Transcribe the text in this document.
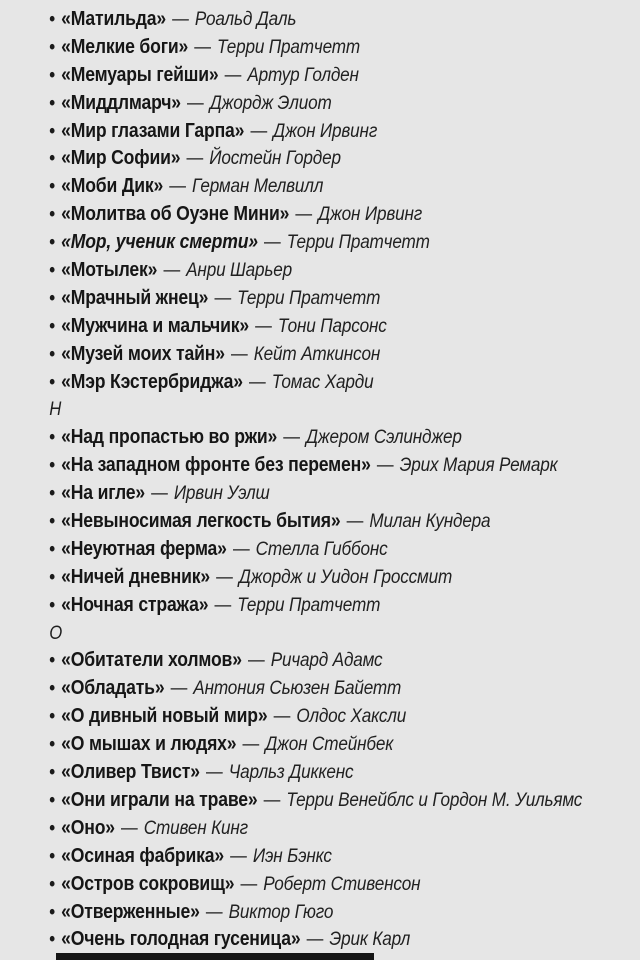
• «Матильда» — Роальд Даль
• «Мелкие боги» — Терри Пратчетт
• «Мемуары гейши» — Артур Голден
• «Миддлмарч» — Джордж Элиот
• «Мир глазами Гарпа» — Джон Ирвинг
• «Мир Софии» — Йостейн Гордер
• «Моби Дик» — Герман Мелвилл
• «Молитва об Оуэне Мини» — Джон Ирвинг
• «Мор, ученик смерти» — Терри Пратчетт
• «Мотылек» — Анри Шарьер
• «Мрачный жнец» — Терри Пратчетт
• «Мужчина и мальчик» — Тони Парсонс
• «Музей моих тайн» — Кейт Аткинсон
• «Мэр Кэстербриджа» — Томас Харди
Н
• «Над пропастью во ржи» — Джером Сэлинджер
• «На западном фронте без перемен» — Эрих Мария Ремарк
• «На игле» — Ирвин Уэлш
• «Невыносимая легкость бытия» — Милан Кундера
• «Неуютная ферма» — Стелла Гиббонс
• «Ничей дневник» — Джордж и Уидон Гроссмит
• «Ночная стража» — Терри Пратчетт
О
• «Обитатели холмов» — Ричард Адамс
• «Обладать» — Антония Сьюзен Байетт
• «О дивный новый мир» — Олдос Хаксли
• «О мышах и людях» — Джон Стейнбек
• «Оливер Твист» — Чарльз Диккенс
• «Они играли на траве» — Терри Венейблс и Гордон М. Уильямс
• «Оно» — Стивен Кинг
• «Осиная фабрика» — Иэн Бэнкс
• «Остров сокровищ» — Роберт Стивенсон
• «Отверженные» — Виктор Гюго
• «Очень голодная гусеница» — Эрик Карл
